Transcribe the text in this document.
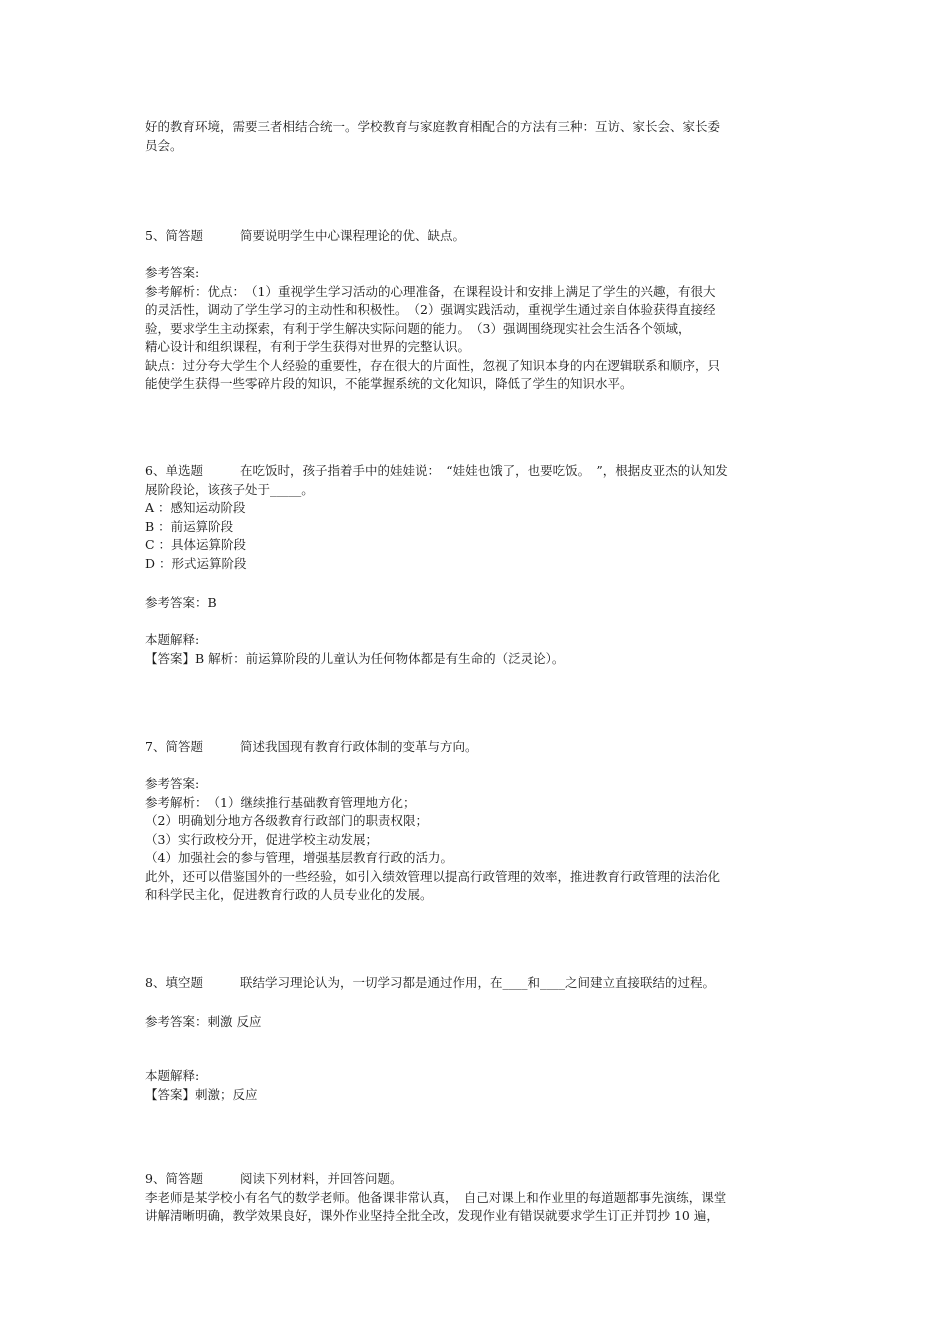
好的教育环境，需要三者相结合统一。学校教育与家庭教育相配合的方法有三种：互访、家长会、家长委
员会。
5、简答题	简要说明学生中心课程理论的优、缺点。
参考答案:
参考解析：优点：　（1）重视学生学习活动的心理准备，在课程设计和安排上满足了学生的兴趣，有很大
的灵活性，调动了学生学习的主动性和积极性。　（2）强调实践活动，重视学生通过亲自体验获得直接经
验，要求学生主动探索，有利于学生解决实际问题的能力。　（3）强调围绕现实社会生活各个领域，
精心设计和组织课程，有利于学生获得对世界的完整认识。
缺点：过分夸大学生个人经验的重要性，存在很大的片面性，忽视了知识本身的内在逻辑联系和顺序，只
能使学生获得一些零碎片段的知识，不能掌握系统的文化知识，降低了学生的知识水平。
6、单选题	在吃饭时，孩子指着手中的娃娃说：　“娃娃也饿了，也要吃饭。　”，根据皮亚杰的认知发
展阶段论，该孩子处于_____。
A ：感知运动阶段
B ：前运算阶段
C ：具体运算阶段
D ：形式运算阶段
参考答案：B
本题解释:
【答案】B 解析：前运算阶段的儿童认为任何物体都是有生命的（泛灵论）。
7、简答题	简述我国现有教育行政体制的变革与方向。
参考答案:
参考解析：　（1）继续推行基础教育管理地方化；
（2）明确划分地方各级教育行政部门的职责权限；
（3）实行政校分开，促进学校主动发展；
（4）加强社会的参与管理，增强基层教育行政的活力。
此外，还可以借鉴国外的一些经验，如引入绩效管理以提高行政管理的效率，推进教育行政管理的法治化
和科学民主化，促进教育行政的人员专业化的发展。
8、填空题	联结学习理论认为，一切学习都是通过作用，在____和____之间建立直接联结的过程。
参考答案：刺激 反应
本题解释:
【答案】刺激；反应
9、简答题	阅读下列材料，并回答问题。
李老师是某学校小有名气的数学老师。他备课非常认真，　自己对课上和作业里的每道题都事先演练，课堂
讲解清晰明确，教学效果良好，课外作业坚持全批全改，发现作业有错误就要求学生订正并罚抄 10 遍，
